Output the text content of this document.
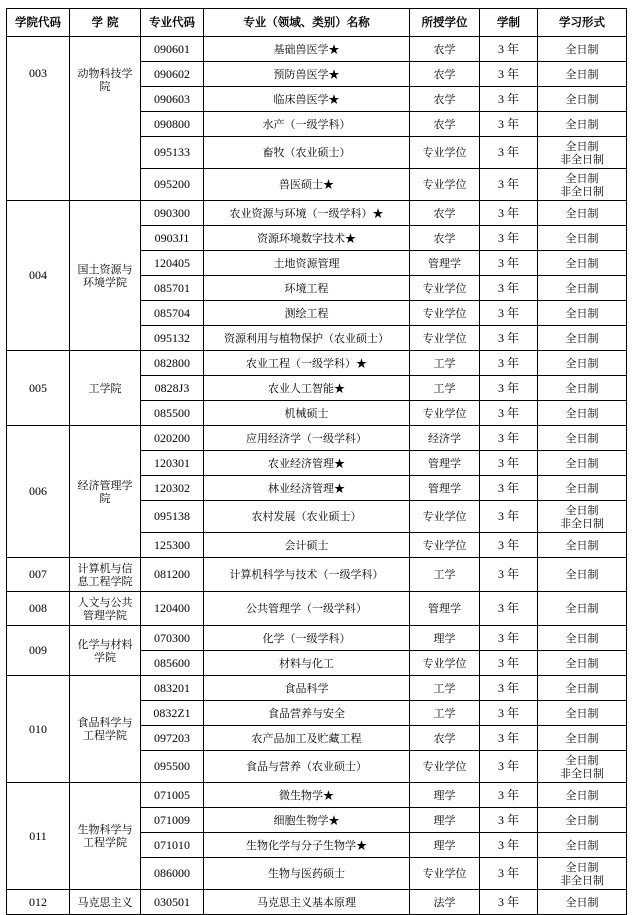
学院代码	学 院	专业代码	专业（领域、类别）名称	所授学位	学制	学习形式
003	动物科技学院	090601	基础兽医学★	农学	3 年	全日制

		090602	预防兽医学★	农学	3 年	全日制

		090603	临床兽医学★	农学	3 年	全日制

		090800	水产（一级学科）	农学	3 年	全日制

		095133	畜牧（农业硕士）	专业学位	3 年	全日制
非全日制

		095200	兽医硕士★	专业学位	3 年	全日制
非全日制

004	国土资源与环境学院	090300	农业资源与环境（一级学科）★	农学	3 年	全日制

		0903J1	资源环境数字技术★	农学	3 年	全日制

		120405	土地资源管理	管理学	3 年	全日制

		085701	环境工程	专业学位	3 年	全日制

		085704	测绘工程	专业学位	3 年	全日制

		095132	资源利用与植物保护（农业硕士）	专业学位	3 年	全日制

005	工学院	082800	农业工程（一级学科）★	工学	3 年	全日制

		0828J3	农业人工智能★	工学	3 年	全日制

		085500	机械硕士	专业学位	3 年	全日制

006	经济管理学院	020200	应用经济学（一级学科）	经济学	3 年	全日制

		120301	农业经济管理★	管理学	3 年	全日制

		120302	林业经济管理★	管理学	3 年	全日制

		095138	农村发展（农业硕士）	专业学位	3 年	全日制
非全日制

		125300	会计硕士	专业学位	3 年	全日制

007	计算机与信息工程学院	081200	计算机科学与技术（一级学科）	工学	3 年	全日制

008	人文与公共管理学院	120400	公共管理学（一级学科）	管理学	3 年	全日制

009	化学与材料学院	070300	化学（一级学科）	理学	3 年	全日制

		085600	材料与化工	专业学位	3 年	全日制

010	食品科学与工程学院	083201	食品科学	工学	3 年	全日制

		0832Z1	食品营养与安全	工学	3 年	全日制

		097203	农产品加工及贮藏工程	农学	3 年	全日制

		095500	食品与营养（农业硕士）	专业学位	3 年	全日制
非全日制

011	生物科学与工程学院	071005	微生物学★	理学	3 年	全日制

		071009	细胞生物学★	理学	3 年	全日制

		071010	生物化学与分子生物学★	理学	3 年	全日制

		086000	生物与医药硕士	专业学位	3 年	全日制
非全日制

012	马克思主义	030501	马克思主义基本原理	法学	3 年	全日制
